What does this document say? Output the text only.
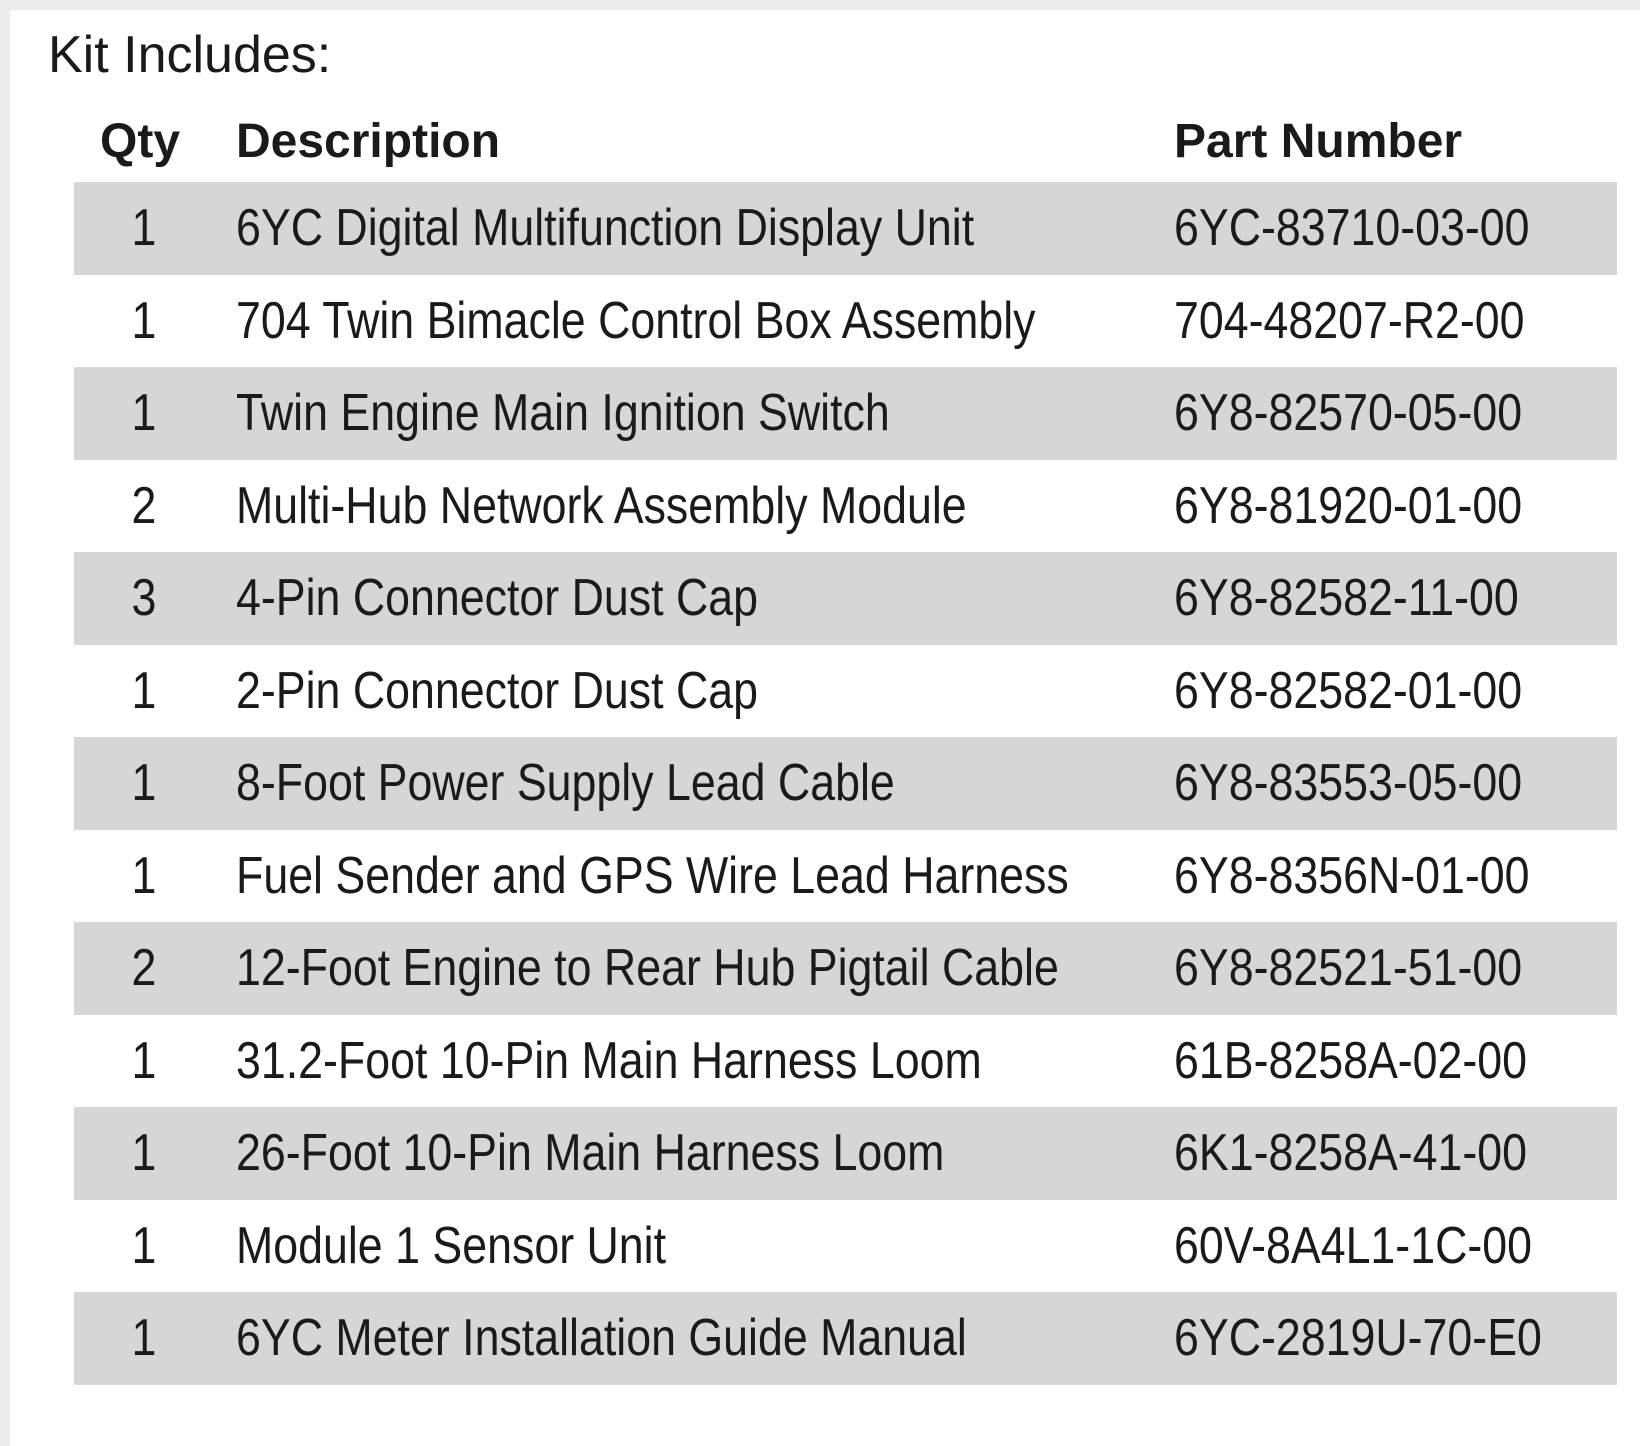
Kit Includes:
Qty Description	Part Number
1	6YC Digital Multifunction Display Unit	6YC-83710-03-00
1	704 Twin Bimacle Control Box Assembly	704-48207-R2-00
1	Twin Engine Main Ignition Switch	6Y8-82570-05-00
2	Multi-Hub Network Assembly Module	6Y8-81920-01-00
3	4-Pin Connector Dust Cap	6Y8-82582-11-00
1	2-Pin Connector Dust Cap	6Y8-82582-01-00
1	8-Foot Power Supply Lead Cable	6Y8-83553-05-00
1	Fuel Sender and GPS Wire Lead Harness 6Y8-8356N-01-00
2	12-Foot Engine to Rear Hub Pigtail Cable 6Y8-82521-51-00
1	31.2-Foot 10-Pin Main Harness Loom	61B-8258A-02-00
1	26-Foot 10-Pin Main Harness Loom	6K1-8258A-41-00
1	Module 1 Sensor Unit	60V-8A4L1-1C-00
1	6YC Meter Installation Guide Manual	6YC-2819U-70-E0
